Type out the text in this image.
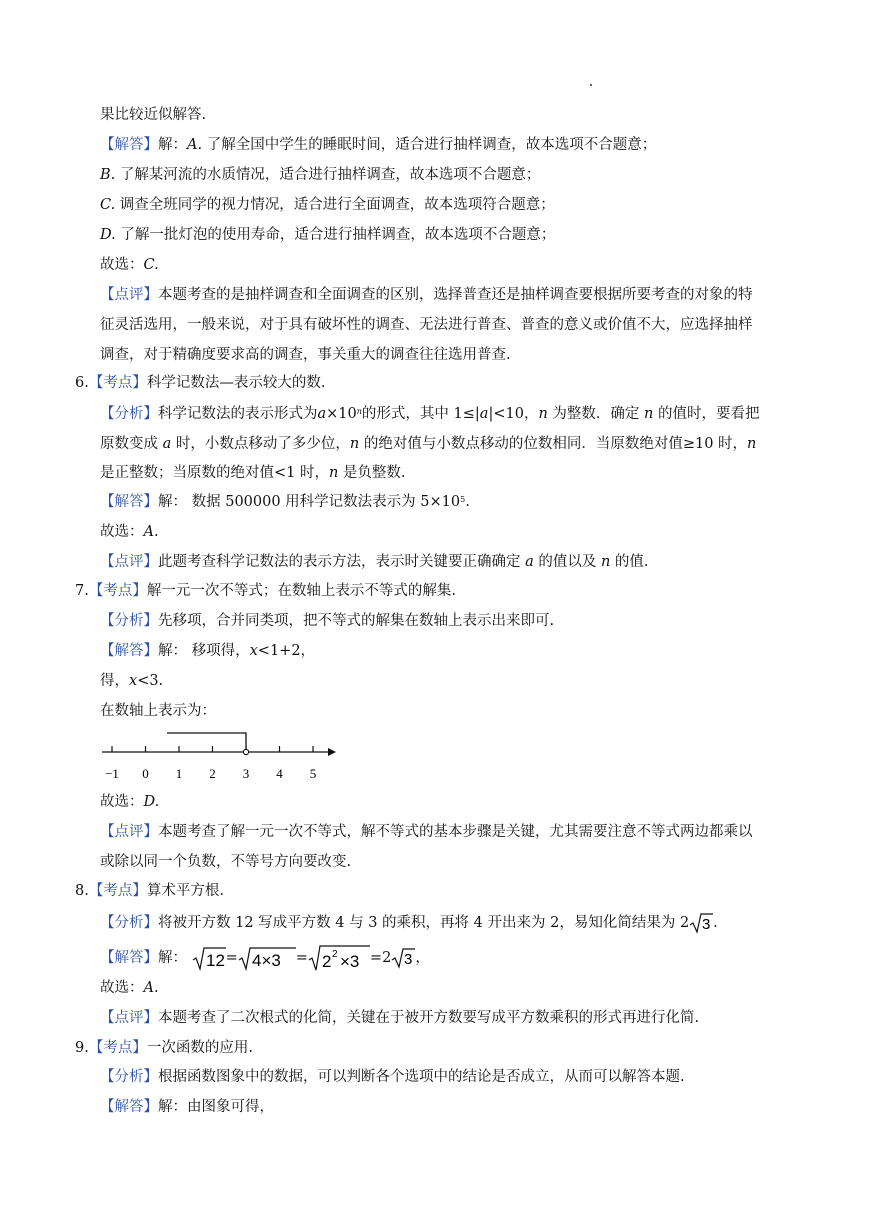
果比较近似解答.
【解答】解：A. 了解全国中学生的睡眠时间，适合进行抽样调查，故本选项不合题意；
B. 了解某河流的水质情况，适合进行抽样调查，故本选项不合题意；
C. 调查全班同学的视力情况，适合进行全面调查，故本选项符合题意；
D. 了解一批灯泡的使用寿命，适合进行抽样调查，故本选项不合题意；
故选：C.
【点评】本题考查的是抽样调查和全面调查的区别，选择普查还是抽样调查要根据所要考查的对象的特
征灵活选用，一般来说，对于具有破坏性的调查、无法进行普查、普查的意义或价值不大，应选择抽样
调查，对于精确度要求高的调查，事关重大的调查往往选用普查.
6.【考点】科学记数法—表示较大的数.
【分析】科学记数法的表示形式为$a\times 10^n$的形式，其中 1≤|a|<10，n 为整数．确定 n 的值时，要看把
原数变成 a 时，小数点移动了多少位，n 的绝对值与小数点移动的位数相同．当原数绝对值≥10 时，n
是正整数；当原数的绝对值<1 时，n 是负整数.
【解答】解： 数据 500000 用科学记数法表示为 $5\times 10^5$.
故选：A.
【点评】此题考查科学记数法的表示方法，表示时关键要正确确定 a 的值以及 n 的值.
7.【考点】解一元一次不等式；在数轴上表示不等式的解集.
【分析】先移项，合并同类项，把不等式的解集在数轴上表示出来即可.
【解答】解： 移项得，x<1+2，
得，x<3.
在数轴上表示为：
−1 0 1 2 3 4 5
故选：D.
【点评】本题考查了解一元一次不等式，解不等式的基本步骤是关键，尤其需要注意不等式两边都乘以
或除以同一个负数，不等号方向要改变.
8.【考点】算术平方根.
【分析】将被开方数 12 写成平方数 4 与 3 的乘积，再将 4 开出来为 2，易知化简结果为 2 3 .
【解答】解： 12 = 4×3 = 2 2 ×3 =2 3 ，
故选：A.
【点评】本题考查了二次根式的化简，关键在于被开方数要写成平方数乘积的形式再进行化简.
9.【考点】一次函数的应用.
【分析】根据函数图象中的数据，可以判断各个选项中的结论是否成立，从而可以解答本题.
【解答】解：由图象可得，
